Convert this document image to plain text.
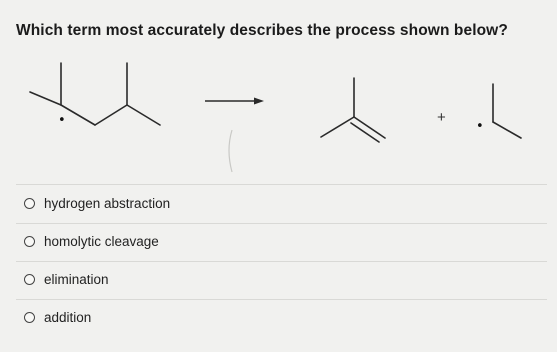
Which term most accurately describes the process shown below?
•	+
•
hydrogen abstraction
homolytic cleavage
elimination
addition
